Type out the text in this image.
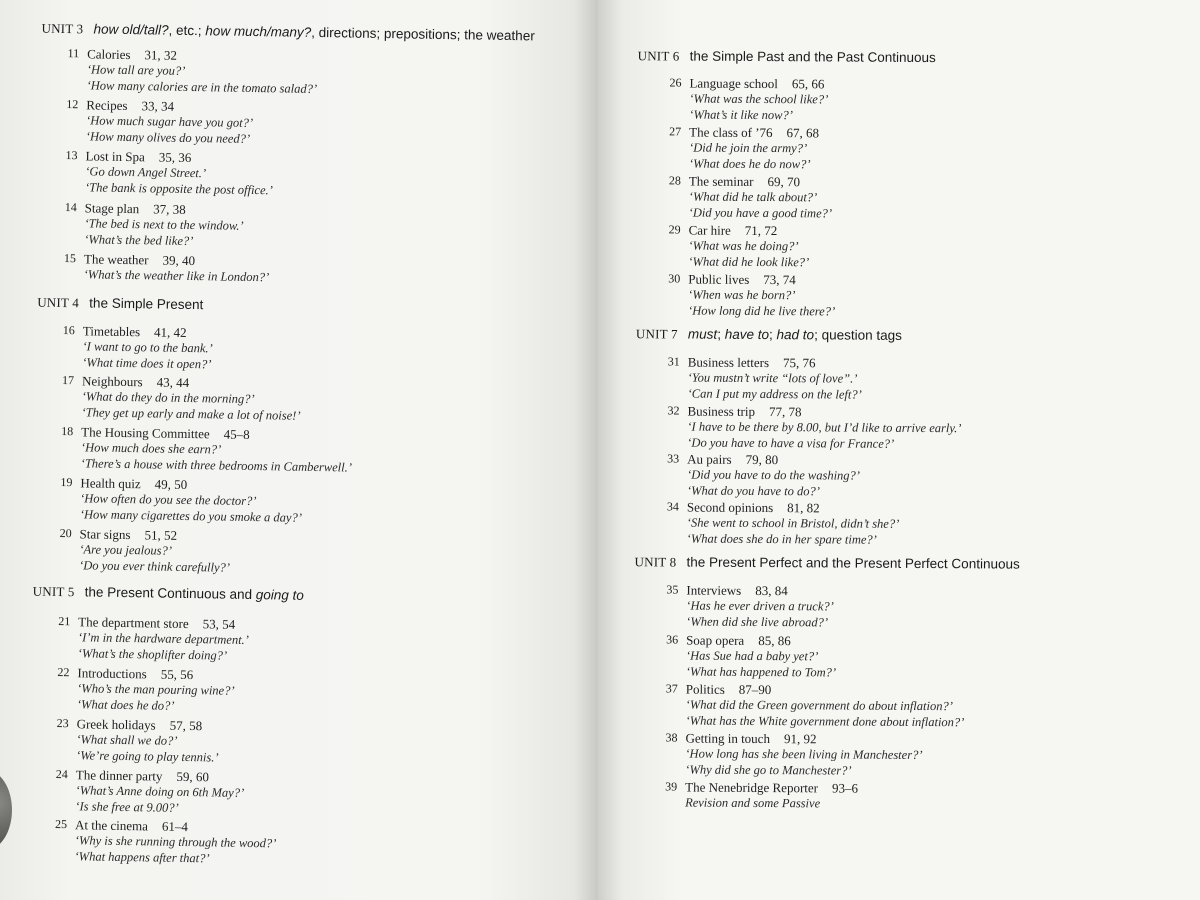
UNIT 3 how old/tall?, etc.; how much/many?, directions; prepositions; the weather
11 Calories 31, 32
‘How tall are you?’
‘How many calories are in the tomato salad?’
12 Recipes 33, 34
‘How much sugar have you got?’
‘How many olives do you need?’
13 Lost in Spa 35, 36
‘Go down Angel Street.’
‘The bank is opposite the post office.’
14 Stage plan 37, 38
‘The bed is next to the window.’
‘What’s the bed like?’
15 The weather 39, 40
‘What’s the weather like in London?’
UNIT 4 the Simple Present
16 Timetables 41, 42
‘I want to go to the bank.’
‘What time does it open?’
17 Neighbours 43, 44
‘What do they do in the morning?’
‘They get up early and make a lot of noise!’
18 The Housing Committee 45–8
‘How much does she earn?’
‘There’s a house with three bedrooms in Camberwell.’
19 Health quiz 49, 50
‘How often do you see the doctor?’
‘How many cigarettes do you smoke a day?’
20 Star signs 51, 52
‘Are you jealous?’
‘Do you ever think carefully?’
UNIT 5 the Present Continuous and going to
21 The department store 53, 54
‘I’m in the hardware department.’
‘What’s the shoplifter doing?’
22 Introductions 55, 56
‘Who’s the man pouring wine?’
‘What does he do?’
23 Greek holidays 57, 58
‘What shall we do?’
‘We’re going to play tennis.’
24 The dinner party 59, 60
‘What’s Anne doing on 6th May?’
‘Is she free at 9.00?’
25 At the cinema 61–4
‘Why is she running through the wood?’
‘What happens after that?’
UNIT 6 the Simple Past and the Past Continuous
26 Language school 65, 66
‘What was the school like?’
‘What’s it like now?’
27 The class of ’76 67, 68
‘Did he join the army?’
‘What does he do now?’
28 The seminar 69, 70
‘What did he talk about?’
‘Did you have a good time?’
29 Car hire 71, 72
‘What was he doing?’
‘What did he look like?’
30 Public lives 73, 74
‘When was he born?’
‘How long did he live there?’
UNIT 7 must; have to; had to; question tags
31 Business letters 75, 76
‘You mustn’t write “lots of love”.’
‘Can I put my address on the left?’
32 Business trip 77, 78
‘I have to be there by 8.00, but I’d like to arrive early.’
‘Do you have to have a visa for France?’
33 Au pairs 79, 80
‘Did you have to do the washing?’
‘What do you have to do?’
34 Second opinions 81, 82
‘She went to school in Bristol, didn’t she?’
‘What does she do in her spare time?’
UNIT 8 the Present Perfect and the Present Perfect Continuous
35 Interviews 83, 84
‘Has he ever driven a truck?’
‘When did she live abroad?’
36 Soap opera 85, 86
‘Has Sue had a baby yet?’
‘What has happened to Tom?’
37 Politics 87–90
‘What did the Green government do about inflation?’
‘What has the White government done about inflation?’
38 Getting in touch 91, 92
‘How long has she been living in Manchester?’
‘Why did she go to Manchester?’
39 The Nenebridge Reporter 93–6
Revision and some Passive
